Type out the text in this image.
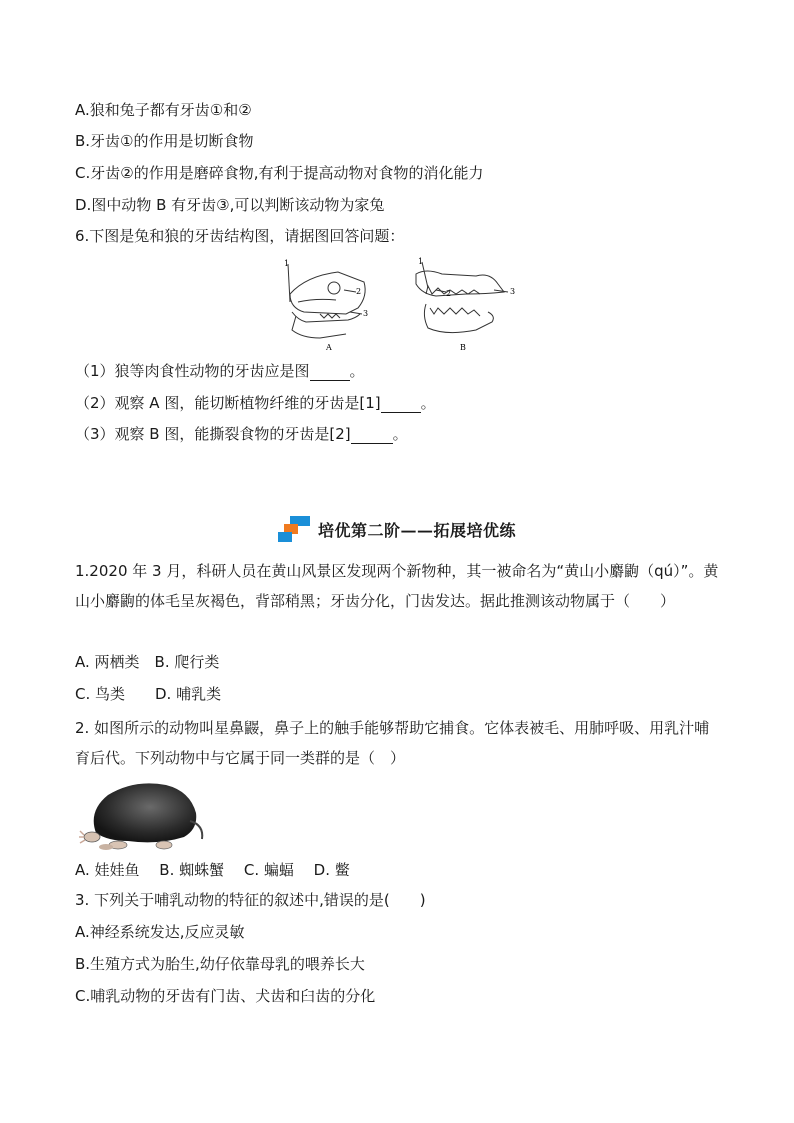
A.狼和兔子都有牙齿①和②
B.牙齿①的作用是切断食物
C.牙齿②的作用是磨碎食物,有利于提高动物对食物的消化能力
D.图中动物 B 有牙齿③,可以判断该动物为家兔
6.下图是兔和狼的牙齿结构图，请据图回答问题：
1
2
3
A
1
2	3
B
（1）狼等肉食性动物的牙齿应是图	。
（2）观察 A 图，能切断植物纤维的牙齿是[1]	。
（3）观察 B 图，能撕裂食物的牙齿是[2]	。
培优第二阶——拓展培优练
1.2020 年 3 月，科研人员在黄山风景区发现两个新物种，其一被命名为“黄山小麝鼩（qú）”。黄山小麝鼩的体毛呈灰褐色，背部稍黑；牙齿分化，门齿发达。据此推测该动物属于（　　）
A. 两栖类　B. 爬行类
C. 鸟类　　D. 哺乳类
2. 如图所示的动物叫星鼻鼹，鼻子上的触手能够帮助它捕食。它体表被毛、用肺呼吸、用乳汁哺育后代。下列动物中与它属于同一类群的是（　）
A. 娃娃鱼　 B. 蜘蛛蟹　 C. 蝙蝠　 D. 鳖
3. 下列关于哺乳动物的特征的叙述中,错误的是(　　)
A.神经系统发达,反应灵敏
B.生殖方式为胎生,幼仔依靠母乳的喂养长大
C.哺乳动物的牙齿有门齿、犬齿和臼齿的分化
